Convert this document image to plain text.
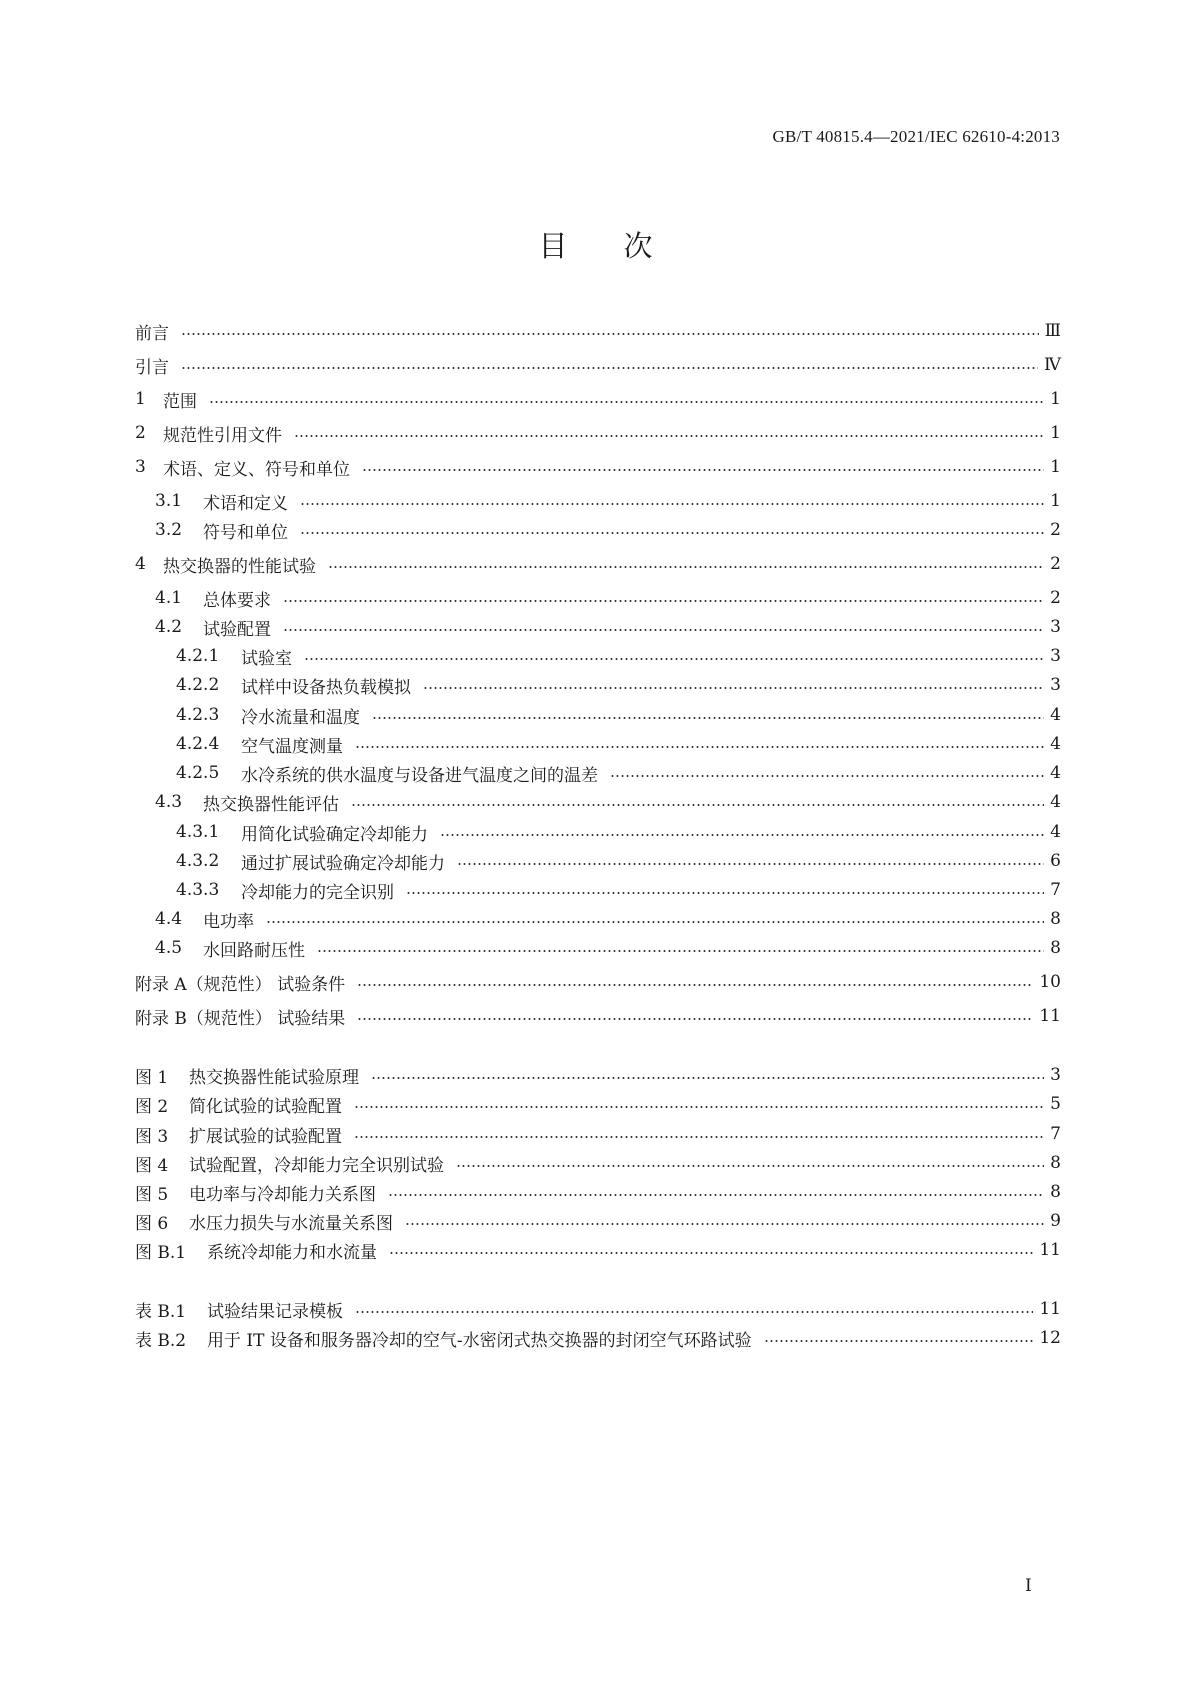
GB/T 40815.4—2021/IEC 62610-4:2013
目次
前言	Ⅲ
引言	Ⅳ
1	范围	1
2	规范性引用文件	1
3	术语、定义、符号和单位	1
3.1	术语和定义	1
3.2	符号和单位	2
4	热交换器的性能试验	2
4.1	总体要求	2
4.2	试验配置	3
4.2.1	试验室	3
4.2.2	试样中设备热负载模拟	3
4.2.3	冷水流量和温度	4
4.2.4	空气温度测量	4
4.2.5	水冷系统的供水温度与设备进气温度之间的温差	4
4.3	热交换器性能评估	4
4.3.1	用简化试验确定冷却能力	4
4.3.2	通过扩展试验确定冷却能力	6
4.3.3	冷却能力的完全识别	7
4.4	电功率	8
4.5	水回路耐压性	8
附录 A（规范性） 试验条件	10
附录 B（规范性） 试验结果	11
图 1	热交换器性能试验原理	3
图 2	简化试验的试验配置	5
图 3	扩展试验的试验配置	7
图 4	试验配置，冷却能力完全识别试验	8
图 5	电功率与冷却能力关系图	8
图 6	水压力损失与水流量关系图	9
图 B.1	系统冷却能力和水流量	11
表 B.1	试验结果记录模板	11
表 B.2	用于 IT 设备和服务器冷却的空气-水密闭式热交换器的封闭空气环路试验	12
I
